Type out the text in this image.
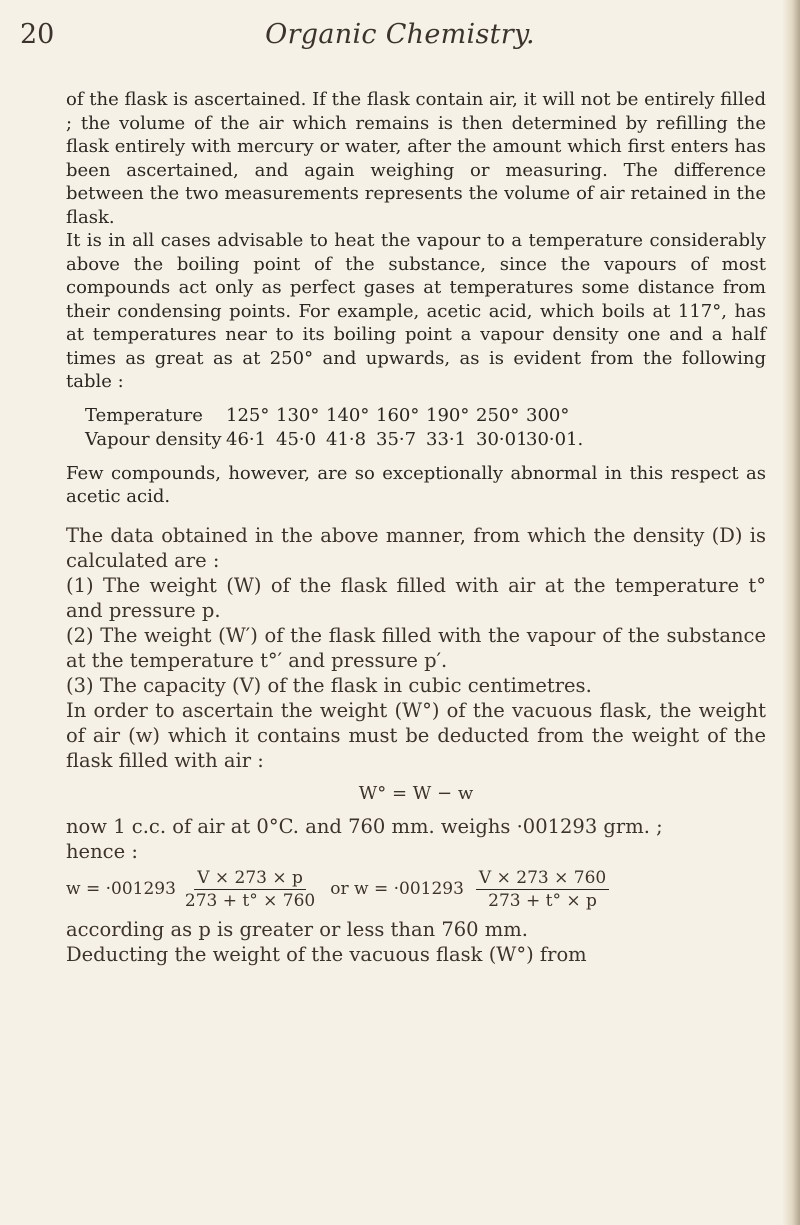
20	Organic Chemistry.

of the flask is ascertained. If the flask contain air, it will not be entirely filled ; the volume of the air which remains is then determined by refilling the flask entirely with mercury or water, after the amount which first enters has been ascertained, and again weighing or measuring. The difference between the two measurements represents the volume of air retained in the flask.

It is in all cases advisable to heat the vapour to a temperature considerably above the boiling point of the substance, since the vapours of most compounds act only as perfect gases at temperatures some distance from their condensing points. For example, acetic acid, which boils at 117°, has at temperatures near to its boiling point a vapour density one and a half times as great as at 250° and upwards, as is evident from the following table :

Temperature	125° 130° 140° 160° 190° 250° 300°
Vapour density 46·1 45·0 41·8 35·7 33·1 30·01
30·01.

Few compounds, however, are so exceptionally abnormal in this respect as acetic acid.

The data obtained in the above manner, from which the density (D) is calculated are :

(1) The weight (W) of the flask filled with air at the temperature t° and pressure p.

(2) The weight (W′) of the flask filled with the vapour of the substance at the temperature t°′ and pressure p′.

(3) The capacity (V) of the flask in cubic centimetres.

In order to ascertain the weight (W°) of the vacuous flask, the weight of air (w) which it contains must be deducted from the weight of the flask filled with air :

W° = W − w

now 1 c.c. of air at 0°C. and 760 mm. weighs ·001293 grm. ;

hence :

$w = \cdot 001293 \frac{V \times 273 \times p}{273 + t^\circ \times 760}$ or $w = \cdot 001293 \frac{V \times 273 \times 760}{273 + t^\circ \times p}$

according as p is greater or less than 760 mm.

Deducting the weight of the vacuous flask (W°) from
